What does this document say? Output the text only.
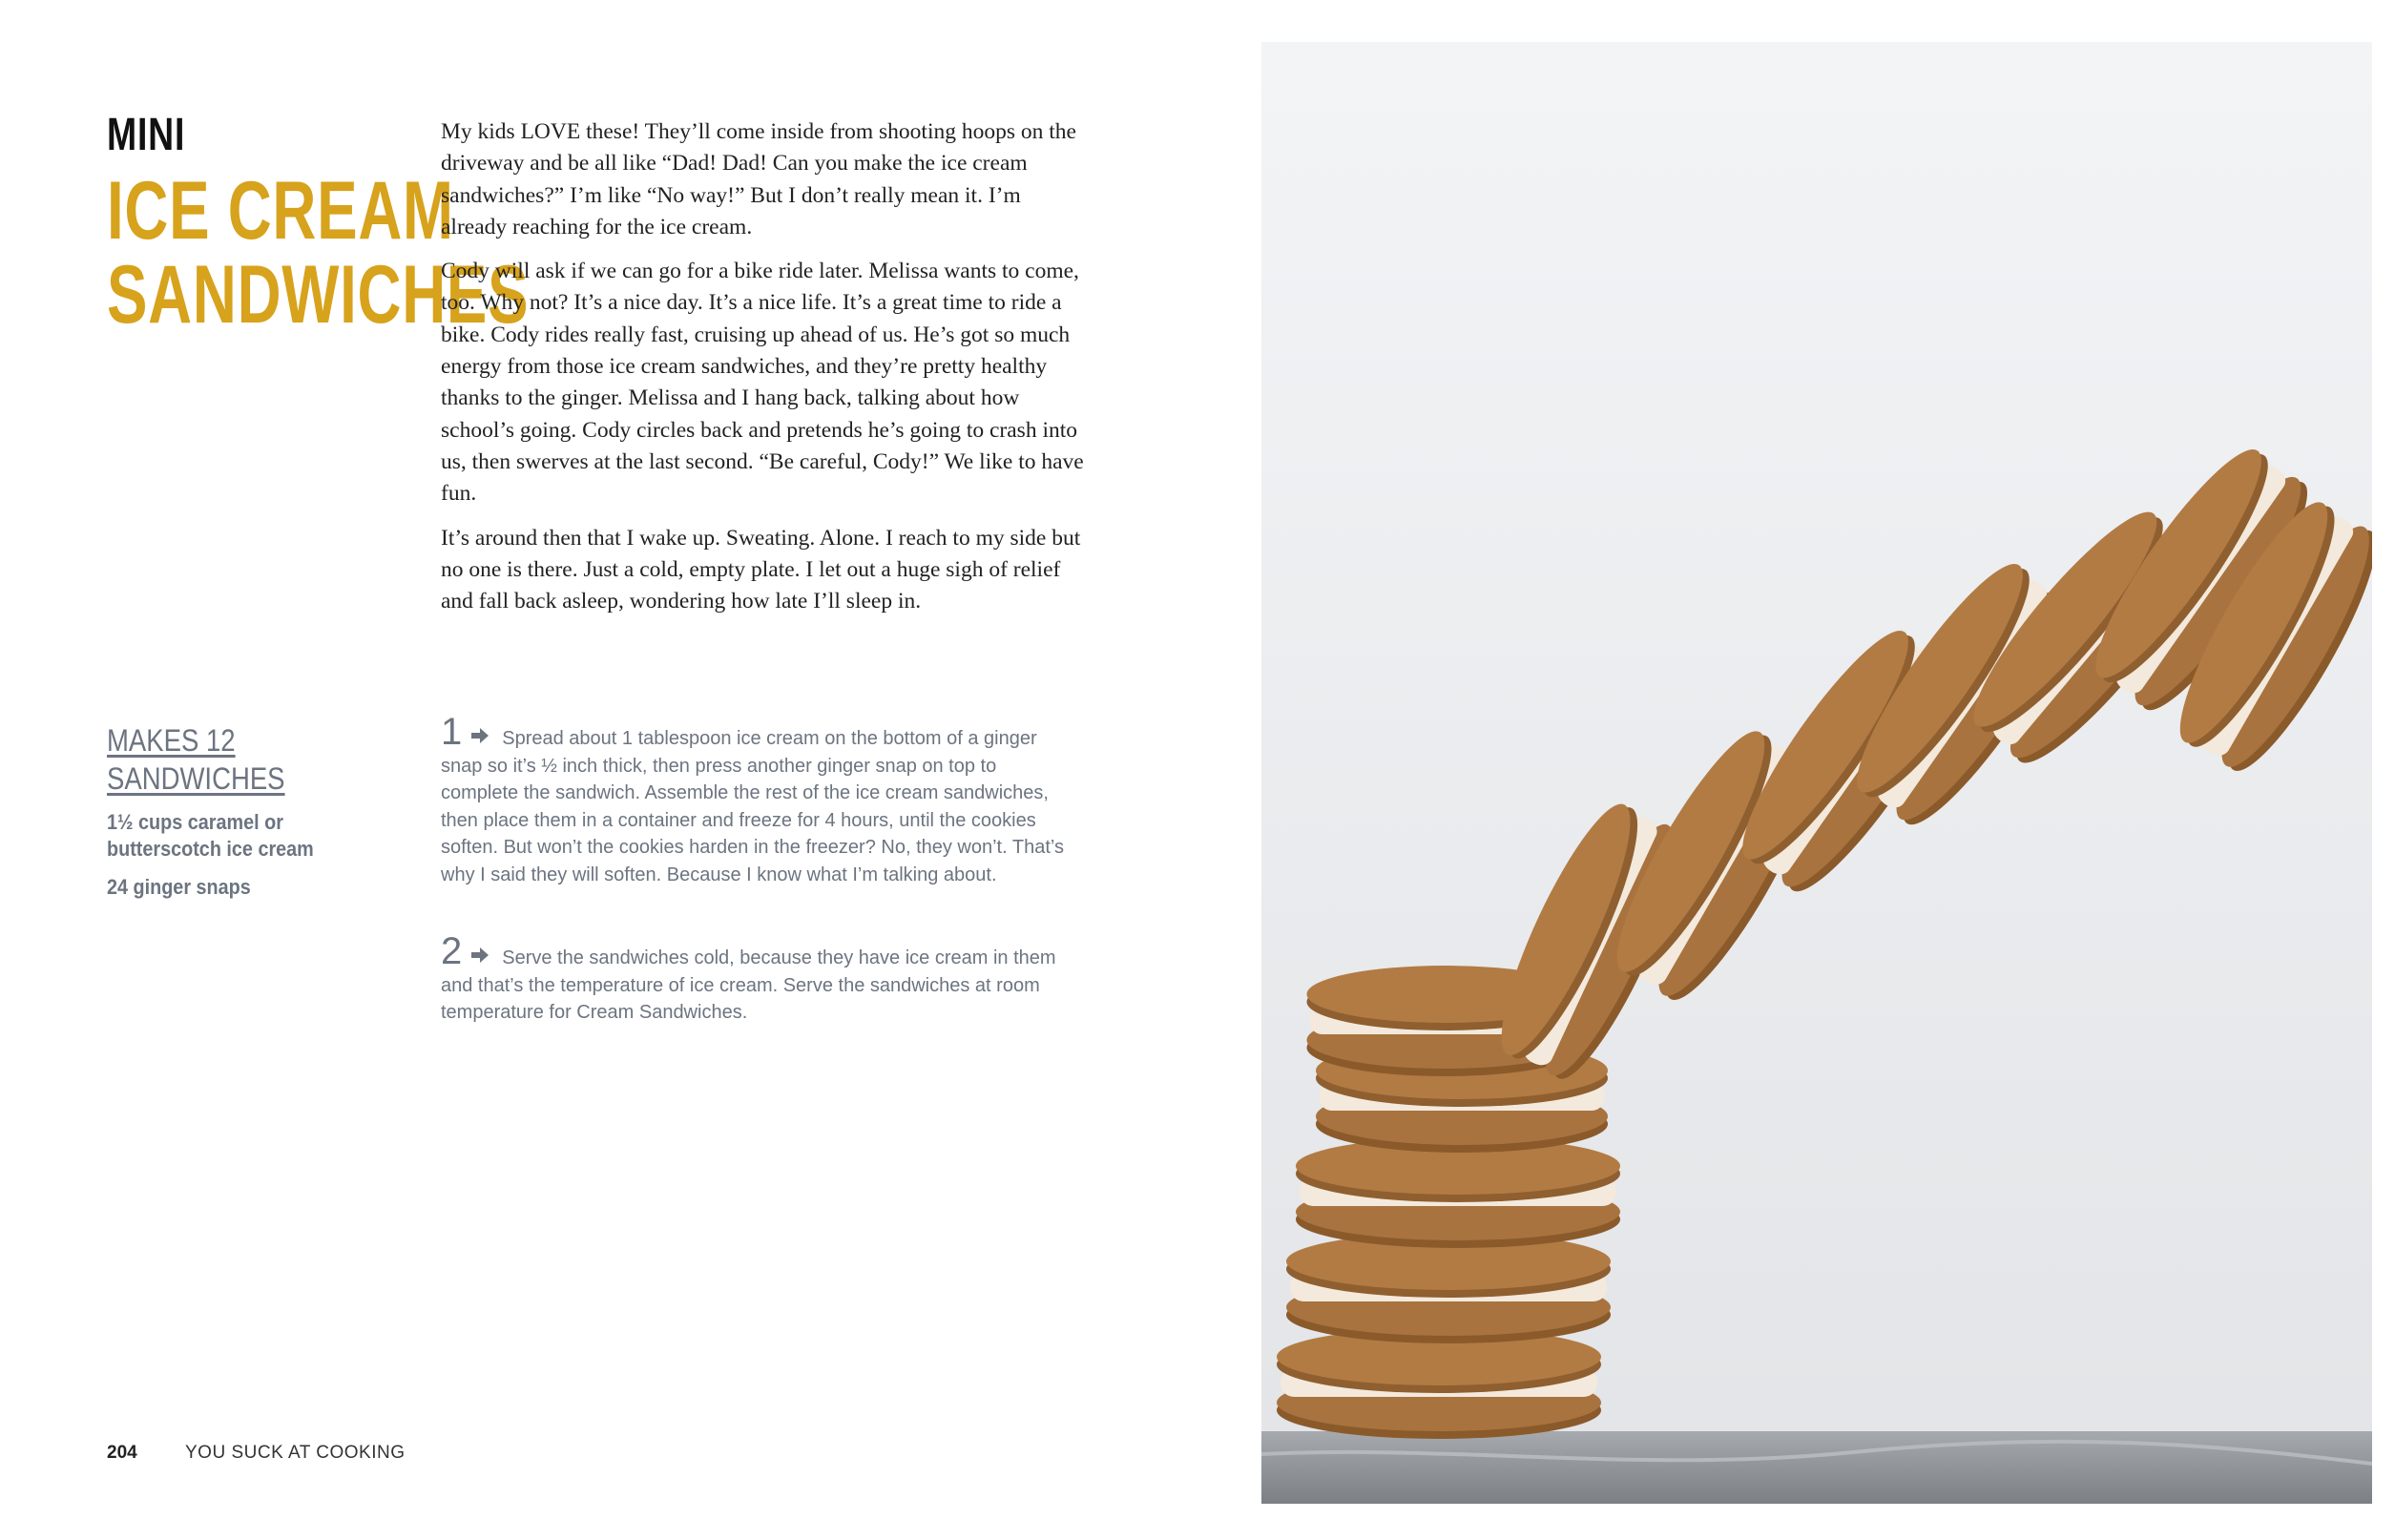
MINI
ICE CREAM
SANDWICHES

My kids LOVE these! They’ll come inside from shooting hoops on the driveway and be all like “Dad! Dad! Can you make the ice cream sandwiches?” I’m like “No way!” But I don’t really mean it. I’m already reaching for the ice cream.

Cody will ask if we can go for a bike ride later. Melissa wants to come, too. Why not? It’s a nice day. It’s a nice life. It’s a great time to ride a bike. Cody rides really fast, cruising up ahead of us. He’s got so much energy from those ice cream sandwiches, and they’re pretty healthy thanks to the ginger. Melissa and I hang back, talking about how school’s going. Cody circles back and pretends he’s going to crash into us, then swerves at the last second. “Be careful, Cody!” We like to have fun.

It’s around then that I wake up. Sweating. Alone. I reach to my side but no one is there. Just a cold, empty plate. I let out a huge sigh of relief and fall back asleep, wondering how late I’ll sleep in.

MAKES 12
SANDWICHES
1½ cups caramel or butterscotch ice cream
24 ginger snaps
1 Spread about 1 tablespoon ice cream on the bottom of a ginger snap so it’s ½ inch thick, then press another ginger snap on top to complete the sandwich. Assemble the rest of the ice cream sandwiches, then place them in a container and freeze for 4 hours, until the cookies soften. But won’t the cookies harden in the freezer? No, they won’t. That’s why I said they will soften. Because I know what I’m talking about.
2 Serve the sandwiches cold, because they have ice cream in them and that’s the temperature of ice cream. Serve the sandwiches at room temperature for Cream Sandwiches.
204	YOU SUCK AT COOKING
